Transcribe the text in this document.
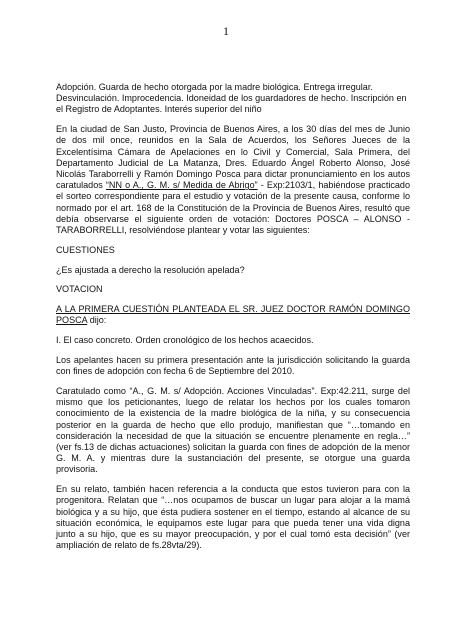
1

Adopción. Guarda de hecho otorgada por la madre biológica. Entrega irregular. Desvinculación. Improcedencia. Idoneidad de los guardadores de hecho. Inscripción en el Registro de Adoptantes. Interés superior del niño

En la ciudad de San Justo, Provincia de Buenos Aires, a los 30 días del mes de Junio de dos mil once, reunidos en la Sala de Acuerdos, los Señores Jueces de la Excelentísima Cámara de Apelaciones en lo Civil y Comercial, Sala Primera, del Departamento Judicial de La Matanza, Dres. Eduardo Ángel Roberto Alonso, José Nicolás Taraborrelli y Ramón Domingo Posca para dictar pronunciamiento en los autos caratulados “NN o A., G. M. s/ Medida de Abrigo” - Exp:2103/1, habiéndose practicado el sorteo correspondiente para el estudio y votación de la presente causa, conforme lo normado por el art. 168 de la Constitución de la Provincia de Buenos Aires, resultó que debía observarse el siguiente orden de votación: Doctores POSCA – ALONSO - TARABORRELLI, resolviéndose plantear y votar las siguientes:

CUESTIONES

¿Es ajustada a derecho la resolución apelada?

VOTACION

A LA PRIMERA CUESTIÓN PLANTEADA EL SR. JUEZ DOCTOR RAMÓN DOMINGO POSCA dijo:

I. El caso concreto. Orden cronológico de los hechos acaecidos.

Los apelantes hacen su primera presentación ante la jurisdicción solicitando la guarda con fines de adopción con fecha 6 de Septiembre del 2010.

Caratulado como “A., G. M. s/ Adopción. Acciones Vinculadas”. Exp:42.211, surge del mismo que los peticionantes, luego de relatar los hechos por los cuales tomaron conocimiento de la existencia de la madre biológica de la niña, y su consecuencia posterior en la guarda de hecho que ello produjo, manifiestan que “…tomando en consideración la necesidad de que la situación se encuentre plenamente en regla…” (ver fs.13 de dichas actuaciones) solicitan la guarda con fines de adopción de la menor G. M. A. y mientras dure la sustanciación del presente, se otorgue una guarda provisoria.

En su relato, también hacen referencia a la conducta que estos tuvieron para con la progenitora. Relatan que “…nos ocupamos de buscar un lugar para alojar a la mamá biológica y a su hijo, que ésta pudiera sostener en el tiempo, estando al alcance de su situación económica, le equipamos este lugar para que pueda tener una vida digna junto a su hijo, que es su mayor preocupación, y por el cual tomó esta decisión” (ver ampliación de relato de fs.28vta/29).
